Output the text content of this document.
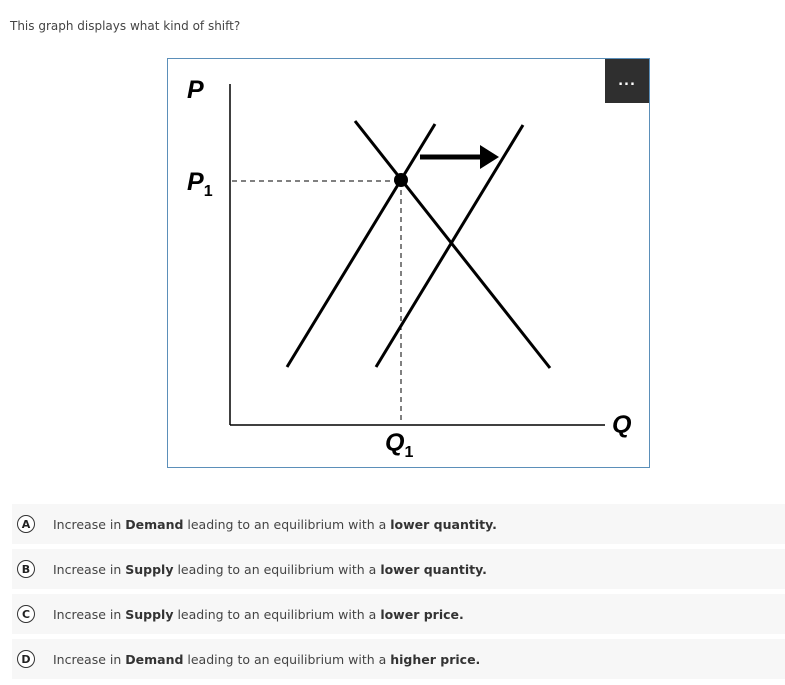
This graph displays what kind of shift?
P
Q
$P_1$
$Q_1$
...
A	Increase in Demand leading to an equilibrium with a lower quantity.
B	Increase in Supply leading to an equilibrium with a lower quantity.
C	Increase in Supply leading to an equilibrium with a lower price.
D	Increase in Demand leading to an equilibrium with a higher price.
